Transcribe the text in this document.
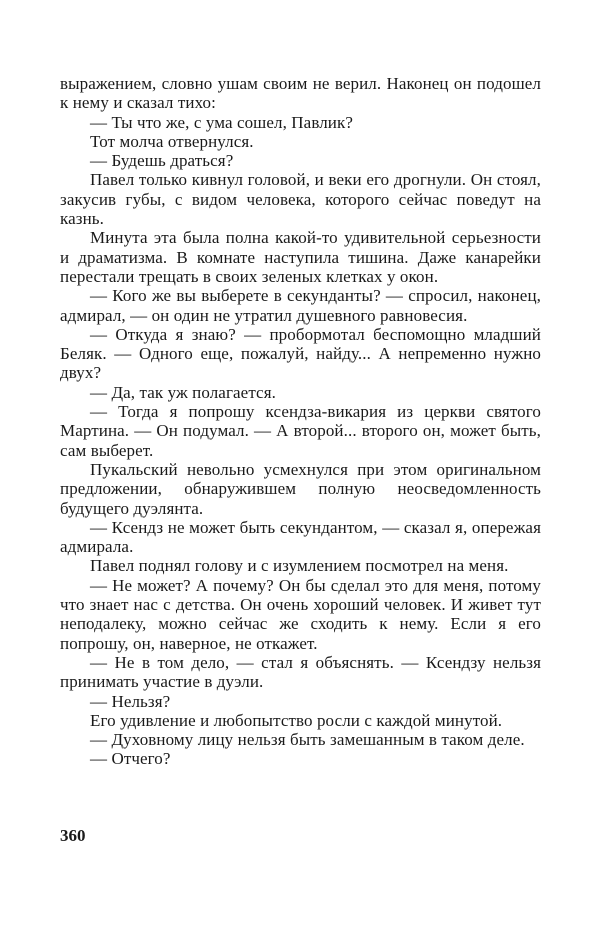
выражением, словно ушам своим не верил. Наконец он подошел к нему и сказал тихо:

— Ты что же, с ума сошел, Павлик?

Тот молча отвернулся.

— Будешь драться?

Павел только кивнул головой, и веки его дрогнули. Он стоял, закусив губы, с видом человека, которого сейчас поведут на казнь.

Минута эта была полна какой-то удивительной серьезности и драматизма. В комнате наступила тишина. Даже канарейки перестали трещать в своих зеленых клетках у окон.

— Кого же вы выберете в секунданты? — спросил, наконец, адмирал, — он один не утратил душевного равновесия.

— Откуда я знаю? — пробормотал беспомощно младший Беляк. — Одного еще, пожалуй, найду... А непременно нужно двух?

— Да, так уж полагается.

— Тогда я попрошу ксендза-викария из церкви святого Мартина. — Он подумал. — А второй... второго он, может быть, сам выберет.

Пукальский невольно усмехнулся при этом оригинальном предложении, обнаружившем полную неосведомленность будущего дуэлянта.

— Ксендз не может быть секундантом, — сказал я, опережая адмирала.

Павел поднял голову и с изумлением посмотрел на меня.

— Не может? А почему? Он бы сделал это для меня, потому что знает нас с детства. Он очень хороший человек. И живет тут неподалеку, можно сейчас же сходить к нему. Если я его попрошу, он, наверное, не откажет.

— Не в том дело, — стал я объяснять. — Ксендзу нельзя принимать участие в дуэли.

— Нельзя?

Его удивление и любопытство росли с каждой минутой.

— Духовному лицу нельзя быть замешанным в таком деле.

— Отчего?

360
